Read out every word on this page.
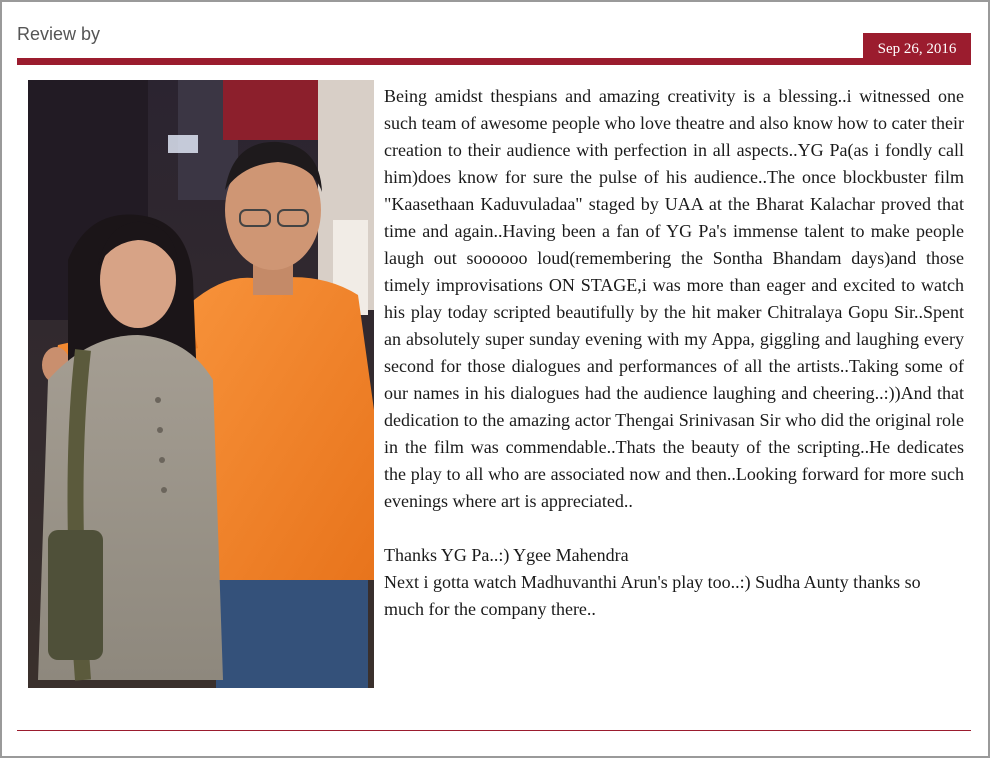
Review by
Sep 26, 2016

Being amidst thespians and amazing creativity is a blessing..i witnessed one such team of awesome people who love theatre and also know how to cater their creation to their audience with perfection in all aspects..YG Pa(as i fondly call him)does know for sure the pulse of his audience..The once blockbuster film "Kaasethaan Kaduvuladaa" staged by UAA at the Bharat Kalachar proved that time and again..Having been a fan of YG Pa's immense talent to make people laugh out soooooo loud(remembering the Sontha Bhandam days)and those timely improvisations ON STAGE,i was more than eager and excited to watch his play today scripted beautifully by the hit maker Chitralaya Gopu Sir..Spent an absolutely super sunday evening with my Appa, giggling and laughing every second for those dialogues and performances of all the artists..Taking some of our names in his dialogues had the audience laughing and cheering..:))And that dedication to the amazing actor Thengai Srinivasan Sir who did the original role in the film was commendable..Thats the beauty of the scripting..He dedicates the play to all who are associated now and then..Looking forward for more such evenings where art is appreciated..

Thanks YG Pa..:) Ygee Mahendra
Next i gotta watch Madhuvanthi Arun's play too..:) Sudha Aunty thanks so much for the company there..
